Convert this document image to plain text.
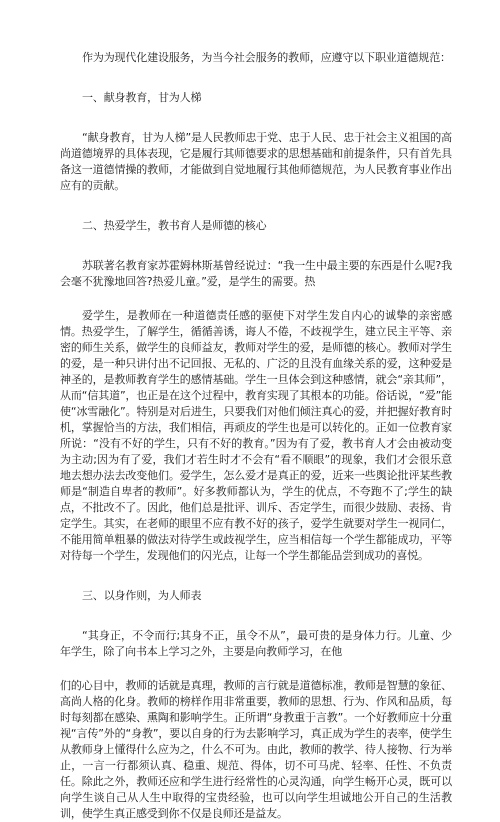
作为为现代化建设服务，为当今社会服务的教师，应遵守以下职业道德规范：

一、献身教育，甘为人梯

“献身教育，甘为人梯”是人民教师忠于党、忠于人民、忠于社会主义祖国的高尚道德境界的具体表现，它是履行其师德要求的思想基础和前提条件，只有首先具备这一道德情操的教师，才能做到自觉地履行其他师德规范，为人民教育事业作出应有的贡献。

二、热爱学生，教书育人是师德的核心

苏联著名教育家苏霍姆林斯基曾经说过：“我一生中最主要的东西是什么呢?我会毫不犹豫地回答?热爱儿童。”爱，是学生的需要。热

爱学生，是教师在一种道德责任感的驱使下对学生发自内心的诚挚的亲密感情。热爱学生，了解学生，循循善诱，诲人不倦，不歧视学生，建立民主平等、亲密的师生关系，做学生的良师益友，教师对学生的爱，是师德的核心。教师对学生的爱，是一种只讲付出不记回报、无私的、广泛的且没有血缘关系的爱，这种爱是神圣的，是教师教育学生的感情基础。学生一旦体会到这种感情，就会“亲其师”，从而“信其道”，也正是在这个过程中，教育实现了其根本的功能。俗话说，“爱”能使“冰雪融化”。特别是对后进生，只要我们对他们倾注真心的爱，并把握好教育时机，掌握恰当的方法，我们相信，再顽皮的学生也是可以转化的。正如一位教育家所说：“没有不好的学生，只有不好的教育。”因为有了爱，教书育人才会由被动变为主动;因为有了爱，我们才若生时才不会有“看不顺眼”的现象，我们才会很乐意地去想办法去改变他们。爱学生，怎么爱才是真正的爱，近来一些舆论批评某些教师是“制造自卑者的教师”。好多教师都认为，学生的优点，不夸跑不了;学生的缺点，不批改不了。因此，他们总是批评、训斥、否定学生，而很少鼓励、表扬、肯定学生。其实，在老师的眼里不应有教不好的孩子，爱学生就要对学生一视同仁，不能用简单粗暴的做法对待学生或歧视学生，应当相信每一个学生都能成功，平等对待每一个学生，发现他们的闪光点，让每一个学生都能品尝到成功的喜悦。

三、以身作则，为人师表

“其身正，不令而行;其身不正，虽令不从”，最可贵的是身体力行。儿童、少年学生，除了向书本上学习之外，主要是向教师学习，在他

们的心目中，教师的话就是真理，教师的言行就是道德标准，教师是智慧的象征、高尚人格的化身。教师的榜样作用非常重要，教师的思想、行为、作风和品质，每时每刻都在感染、熏陶和影响学生。正所谓“身教重于言教”。一个好教师应十分重视“言传”外的“身教”，要以自身的行为去影响学习，真正成为学生的表率，使学生从教师身上懂得什么应为之，什么不可为。由此，教师的教学、待人接物、行为举止，一言一行都须认真、稳重、规范、得体，切不可马虎、轻率、任性、不负责任。除此之外，教师还应和学生进行经常性的心灵沟通，向学生畅开心灵，既可以向学生谈自己从人生中取得的宝贵经验，也可以向学生坦诚地公开自己的生活教训，使学生真正感受到你不仅是良师还是益友。
